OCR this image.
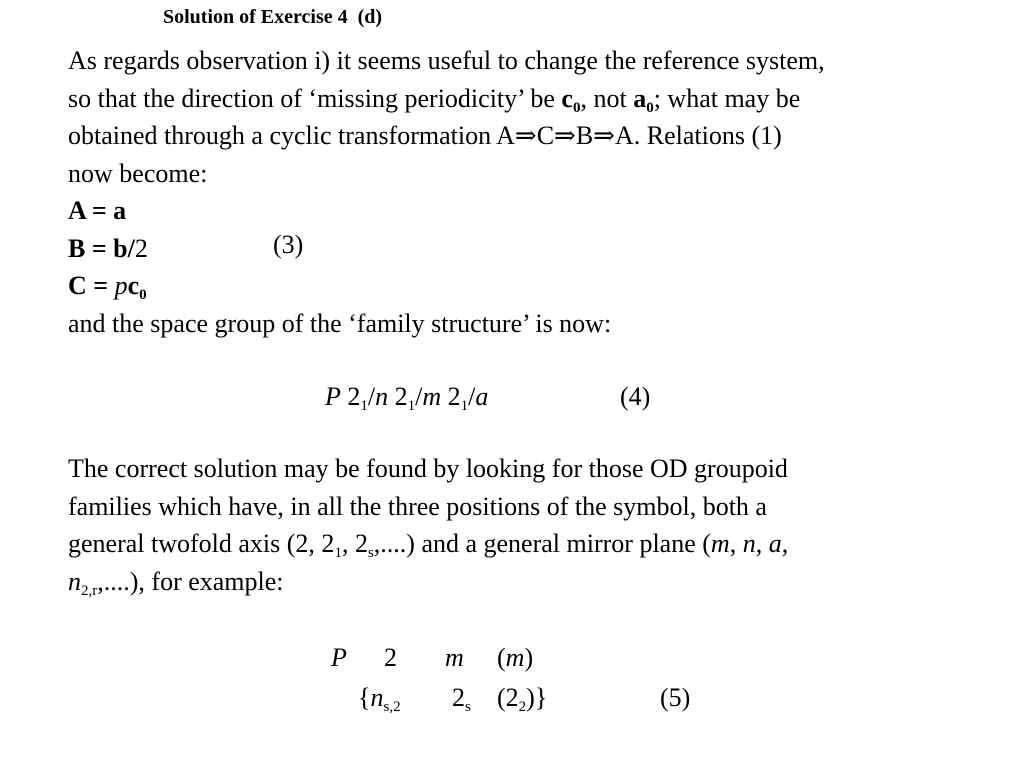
Solution of Exercise 4  (d)
As regards observation i) it seems useful to change the reference system,
so that the direction of ‘missing periodicity’ be $c_0$, not $a_0$; what may be
obtained through a cyclic transformation A⇒C⇒B⇒A. Relations (1)
now become:
A = a
B = b/2
$C = pc_0$
and the space group of the ‘family structure’ is now:
(3)
P $2_1/n$ $2_1/m$ $2_1/a$	(4)
The correct solution may be found by looking for those OD groupoid
families which have, in all the three positions of the symbol, both a
general twofold axis (2, $2_1$, $2_s$,....) and a general mirror plane (m, n, a,
$n_{2,r}$,....), for example:
P 2 m (m)
{$n_{s,2}$ $2_s$ $(2_2)$}	(5)
